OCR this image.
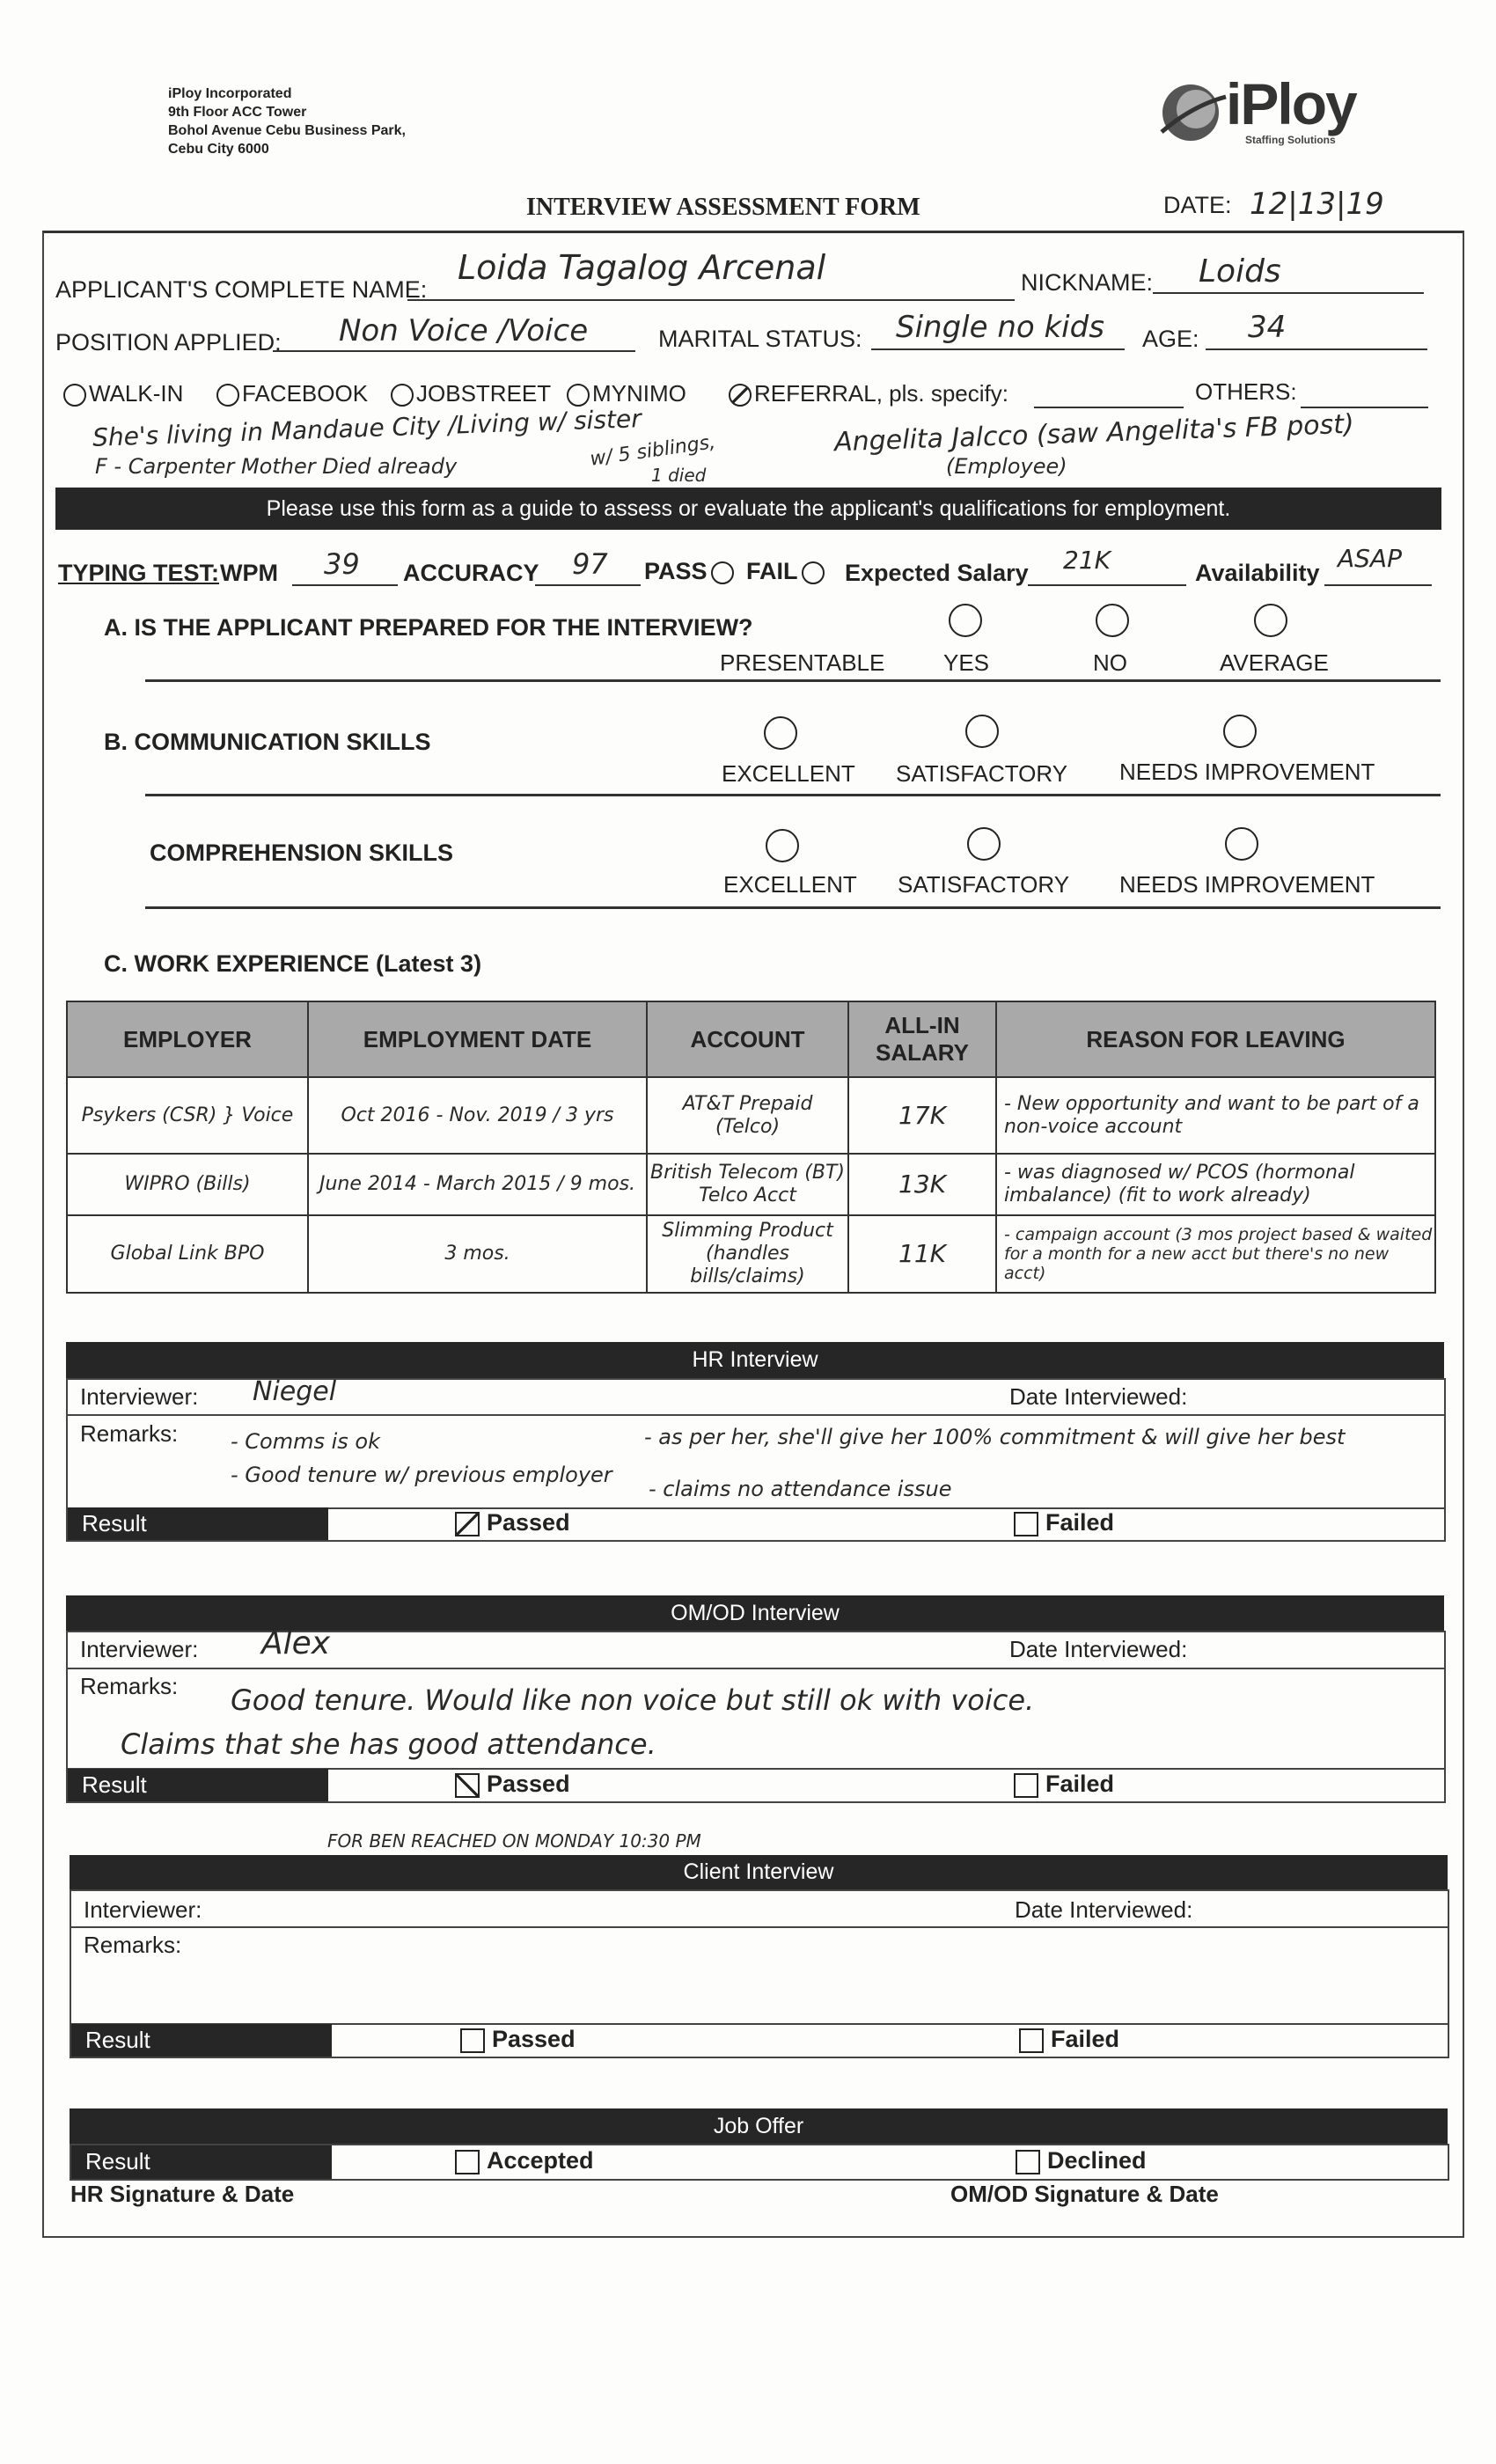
iPloy Incorporated
9th Floor ACC Tower
Bohol Avenue Cebu Business Park,
Cebu City 6000
iPloy
Staffing Solutions
INTERVIEW ASSESSMENT FORM	DATE: 12|13|19
APPLICANT'S COMPLETE NAME:
Loida Tagalog Arcenal	NICKNAME: Loids
POSITION APPLIED: Non Voice /Voice	MARITAL STATUS: Single no kids AGE: 34
WALK-IN	FACEBOOK	JOBSTREET	MYNIMO	REFERRAL, pls. specify:	OTHERS:
She's living in Mandaue City /Living w/ sister
w/ 5 siblings,
1 died
F - Carpenter Mother Died already
Angelita Jalcco (saw Angelita's FB post)
(Employee)
Please use this form as a guide to assess or evaluate the applicant's qualifications for employment.
TYPING TEST: WPM 39 ACCURACY 97 PASS	FAIL	Expected Salary 21K	Availability ASAP
A. IS THE APPLICANT PREPARED FOR THE INTERVIEW?
PRESENTABLE	YES	NO	AVERAGE
B. COMMUNICATION SKILLS
EXCELLENT SATISFACTORY NEEDS IMPROVEMENT
COMPREHENSION SKILLS
EXCELLENT SATISFACTORY NEEDS IMPROVEMENT
C. WORK EXPERIENCE (Latest 3)
EMPLOYER	EMPLOYMENT DATE	ACCOUNT	ALL-IN SALARY	REASON FOR LEAVING
Psykers (CSR) } Voice	Oct 2016 - Nov. 2019 / 3 yrs	AT&T Prepaid (Telco)	17K	- New opportunity and want to be part of a non-voice account
WIPRO (Bills)	June 2014 - March 2015 / 9 mos.	British Telecom (BT) Telco Acct	13K	- was diagnosed w/ PCOS (hormonal imbalance) (fit to work already)
Global Link BPO	3 mos.	Slimming Product (handles bills/claims)	11K	- campaign account (3 mos project based & waited for a month for a new acct but there's no new acct)
HR Interview
Interviewer: Niegel	Date Interviewed:
Remarks: - Comms is ok
- Good tenure w/ previous employer
- as per her, she'll give her 100% commitment & will give her best
- claims no attendance issue
Result	Passed	Failed
OM/OD Interview
Interviewer: Alex	Date Interviewed:
Remarks: Good tenure. Would like non voice but still ok with voice.
Claims that she has good attendance.
Result	Passed	Failed
FOR BEN REACHED ON MONDAY 10:30 PM
Client Interview
Interviewer:	Date Interviewed:
Remarks:
Result	Passed	Failed
Job Offer
Result	Accepted	Declined
HR Signature & Date	OM/OD Signature & Date
